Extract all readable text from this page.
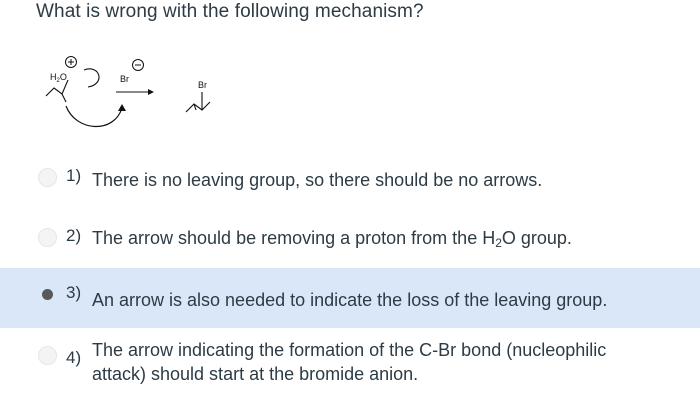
What is wrong with the following mechanism?
$H_2O$	Br
Br
1) There is no leaving group, so there should be no arrows.
2) The arrow should be removing a proton from the $H_2O$ group.
3) An arrow is also needed to indicate the loss of the leaving group.
4) The arrow indicating the formation of the C-Br bond (nucleophilic
attack) should start at the bromide anion.
